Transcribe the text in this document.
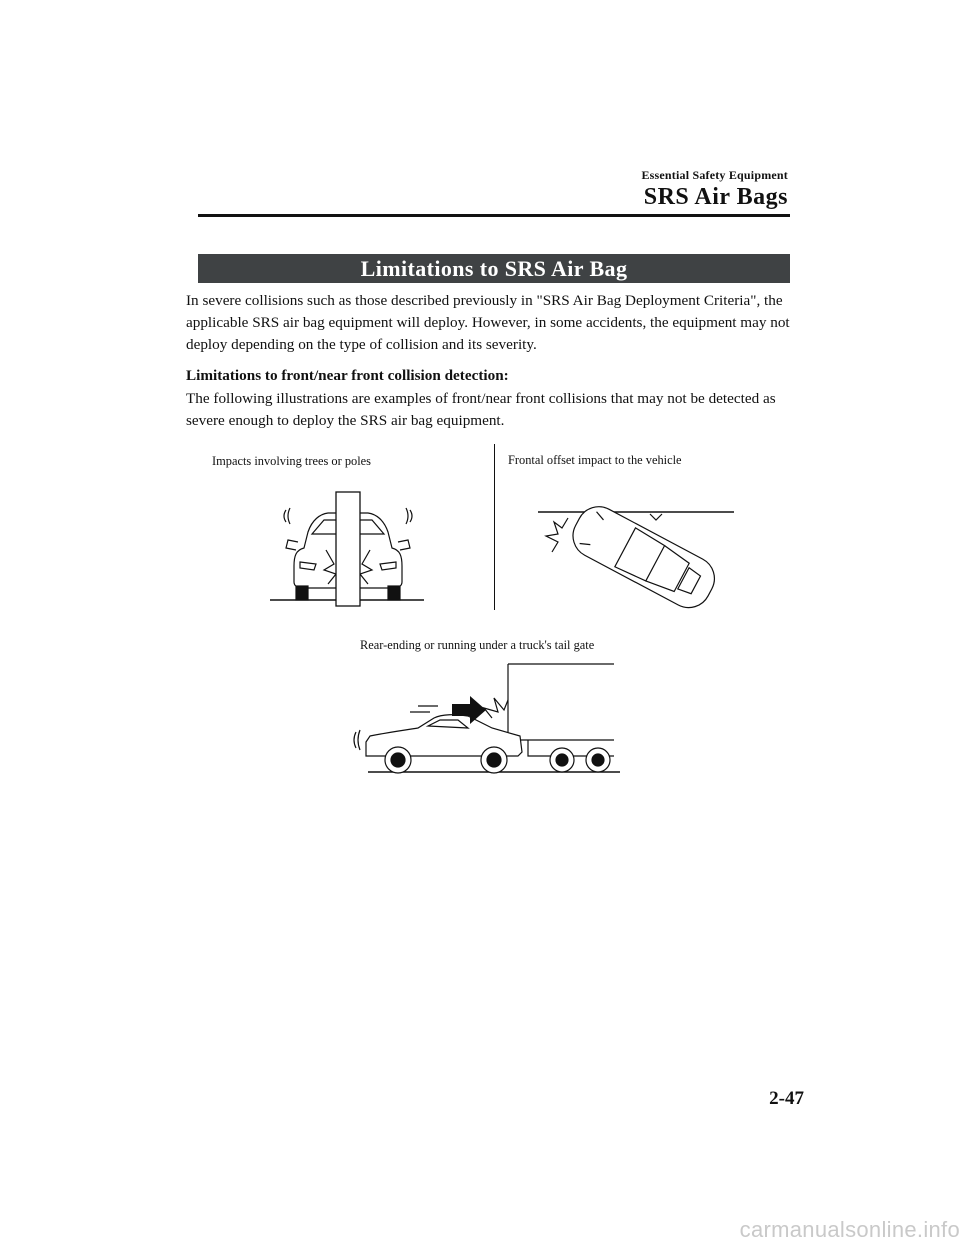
Essential Safety Equipment
SRS Air Bags
Limitations to SRS Air Bag
In severe collisions such as those described previously in "SRS Air Bag Deployment Criteria", the applicable SRS air bag equipment will deploy. However, in some accidents, the equipment may not deploy depending on the type of collision and its severity.
Limitations to front/near front collision detection:
The following illustrations are examples of front/near front collisions that may not be detected as severe enough to deploy the SRS air bag equipment.
Impacts involving trees or poles	Frontal offset impact to the vehicle
Rear-ending or running under a truck's tail gate
2-47
carmanualsonline.info
